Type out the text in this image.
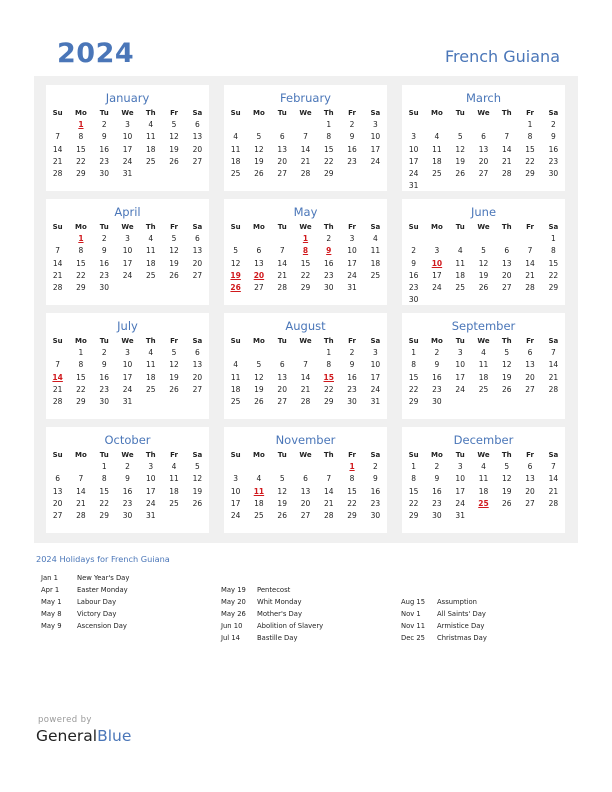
2024	French Guiana
January
Su	Mo	Tu	We	Th	Fr	Sa
	1	2	3	4	5	6
7	8	9	10	11	12	13
14	15	16	17	18	19	20
21	22	23	24	25	26	27
28	29	30	31			
February
Su	Mo	Tu	We	Th	Fr	Sa
				1	2	3
4	5	6	7	8	9	10
11	12	13	14	15	16	17
18	19	20	21	22	23	24
25	26	27	28	29		
March
Su	Mo	Tu	We	Th	Fr	Sa
					1	2
3	4	5	6	7	8	9
10	11	12	13	14	15	16
17	18	19	20	21	22	23
24	25	26	27	28	29	30
31						
April
Su	Mo	Tu	We	Th	Fr	Sa
	1	2	3	4	5	6
7	8	9	10	11	12	13
14	15	16	17	18	19	20
21	22	23	24	25	26	27
28	29	30				
May
Su	Mo	Tu	We	Th	Fr	Sa
			1	2	3	4
5	6	7	8	9	10	11
12	13	14	15	16	17	18
19	20	21	22	23	24	25
26	27	28	29	30	31	
June
Su	Mo	Tu	We	Th	Fr	Sa
						1
2	3	4	5	6	7	8
9	10	11	12	13	14	15
16	17	18	19	20	21	22
23	24	25	26	27	28	29
30						
July
Su	Mo	Tu	We	Th	Fr	Sa
	1	2	3	4	5	6
7	8	9	10	11	12	13
14	15	16	17	18	19	20
21	22	23	24	25	26	27
28	29	30	31			
August
Su	Mo	Tu	We	Th	Fr	Sa
				1	2	3
4	5	6	7	8	9	10
11	12	13	14	15	16	17
18	19	20	21	22	23	24
25	26	27	28	29	30	31
September
Su	Mo	Tu	We	Th	Fr	Sa
1	2	3	4	5	6	7
8	9	10	11	12	13	14
15	16	17	18	19	20	21
22	23	24	25	26	27	28
29	30					
October
Su	Mo	Tu	We	Th	Fr	Sa
		1	2	3	4	5
6	7	8	9	10	11	12
13	14	15	16	17	18	19
20	21	22	23	24	25	26
27	28	29	30	31		
November
Su	Mo	Tu	We	Th	Fr	Sa
					1	2
3	4	5	6	7	8	9
10	11	12	13	14	15	16
17	18	19	20	21	22	23
24	25	26	27	28	29	30
December
Su	Mo	Tu	We	Th	Fr	Sa
1	2	3	4	5	6	7
8	9	10	11	12	13	14
15	16	17	18	19	20	21
22	23	24	25	26	27	28
29	30	31				
2024 Holidays for French Guiana
Jan 1	New Year's Day
Apr 1	Easter Monday
May 1 Labour Day
May 8 Victory Day
May 9 Ascension Day
May 19 Pentecost
May 20 Whit Monday
May 26 Mother's Day
Jun 10 Abolition of Slavery
Jul 14 Bastille Day
Aug 15 Assumption
Nov 1 All Saints' Day
Nov 11 Armistice Day
Dec 25 Christmas Day
powered by
GeneralBlue
